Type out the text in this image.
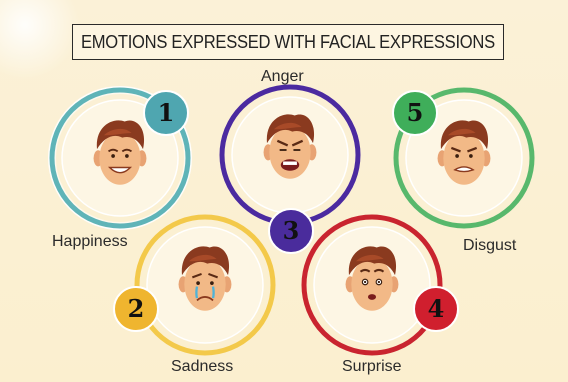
EMOTIONS EXPRESSED WITH FACIAL EXPRESSIONS
1
2
3
4
5
Happiness
Anger
Disgust
Sadness	Surprise
